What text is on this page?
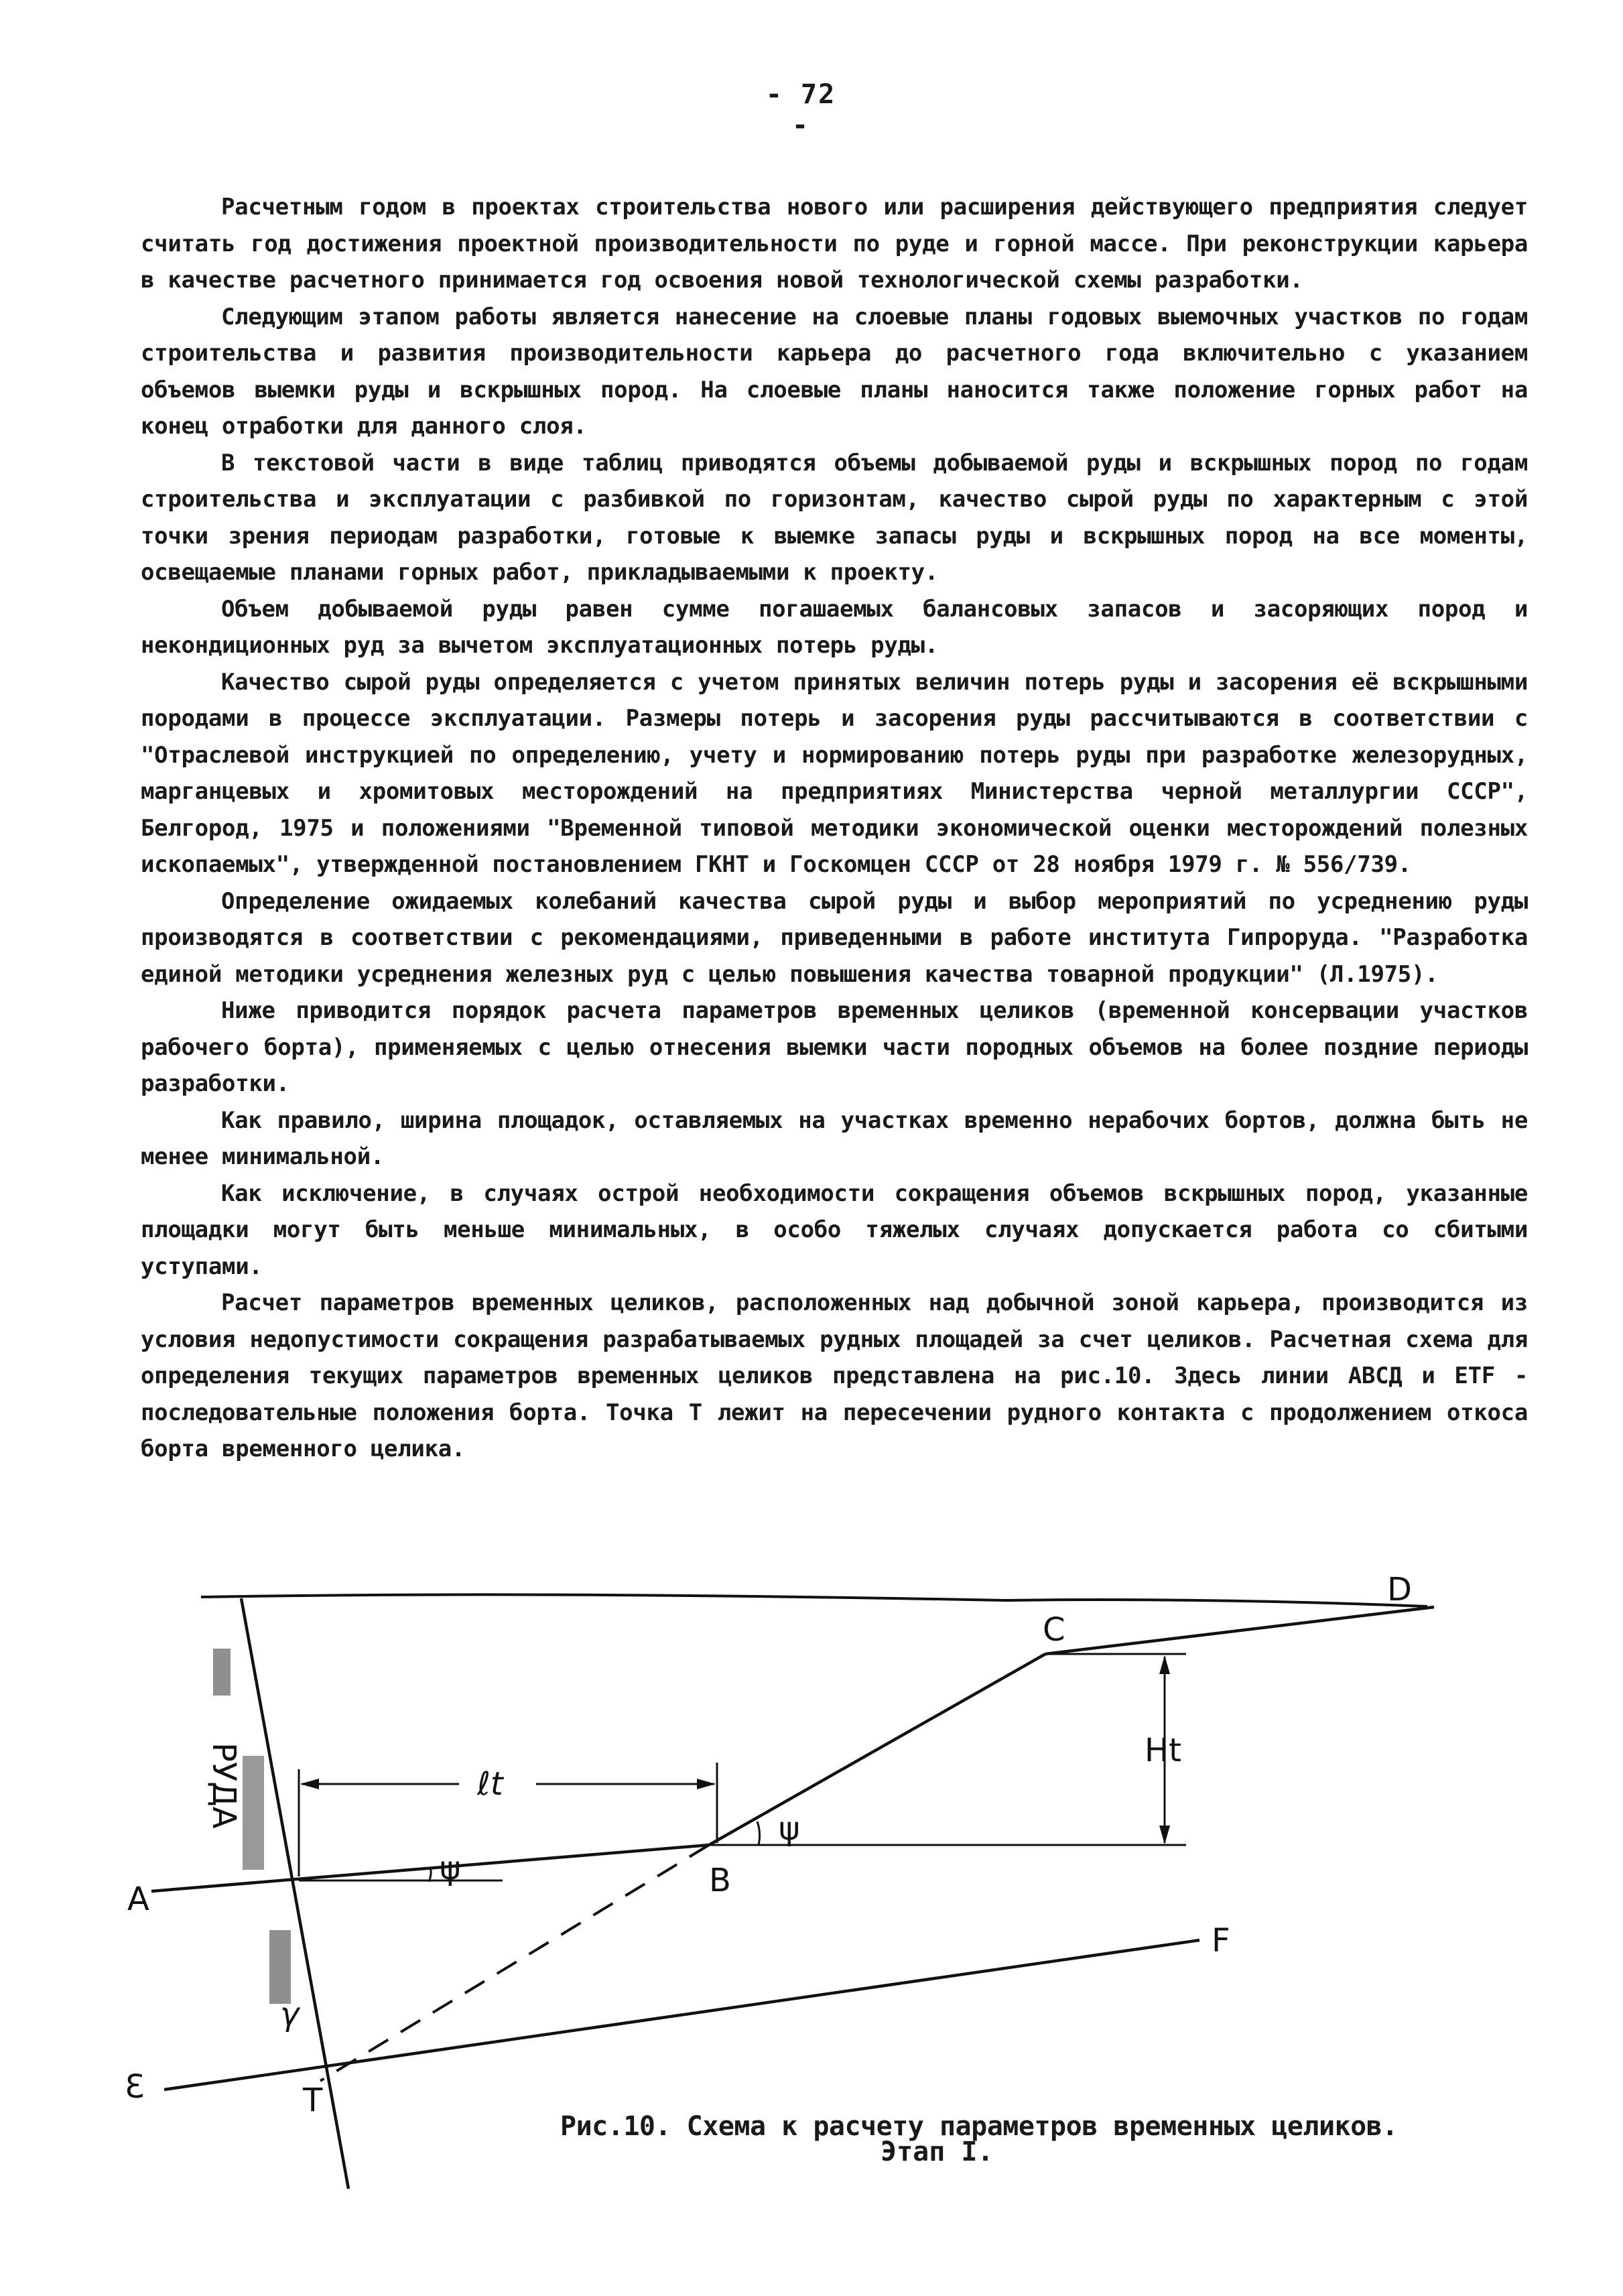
- 72 -

Расчетным годом в проектах строительства нового или расширения действующего предприятия следует считать год достижения проектной производительности по руде и горной массе. При реконструкции карьера в качестве расчетного принимается год освоения новой технологической схемы разработки.

Следующим этапом работы является нанесение на слоевые планы годовых выемочных участков по годам строительства и развития производительности карьера до расчетного года включительно с указанием объемов выемки руды и вскрышных пород. На слоевые планы наносится также положение горных работ на конец отработки для данного слоя.

В текстовой части в виде таблиц приводятся объемы добываемой руды и вскрышных пород по годам строительства и эксплуатации с разбивкой по горизонтам, качество сырой руды по характерным с этой точки зрения периодам разработки, готовые к выемке запасы руды и вскрышных пород на все моменты, освещаемые планами горных работ, прикладываемыми к проекту.

Объем добываемой руды равен сумме погашаемых балансовых запасов и засоряющих пород и некондиционных руд за вычетом эксплуатационных потерь руды.

Качество сырой руды определяется с учетом принятых величин потерь руды и засорения её вскрышными породами в процессе эксплуатации. Размеры потерь и засорения руды рассчитываются в соответствии с "Отраслевой инструкцией по определению, учету и нормированию потерь руды при разработке железорудных, марганцевых и хромитовых месторождений на предприятиях Министерства черной металлургии СССР", Белгород, 1975 и положениями "Временной типовой методики экономической оценки месторождений полезных ископаемых", утвержденной постановлением ГКНТ и Госкомцен СССР от 28 ноября 1979 г. № 556/739.

Определение ожидаемых колебаний качества сырой руды и выбор мероприятий по усреднению руды производятся в соответствии с рекомендациями, приведенными в работе института Гипроруда. "Разработка единой методики усреднения железных руд с целью повышения качества товарной продукции" (Л.1975).

Ниже приводится порядок расчета параметров временных целиков (временной консервации участков рабочего борта), применяемых с целью отнесения выемки части породных объемов на более поздние периоды разработки.

Как правило, ширина площадок, оставляемых на участках временно нерабочих бортов, должна быть не менее минимальной.

Как исключение, в случаях острой необходимости сокращения объемов вскрышных пород, указанные площадки могут быть меньше минимальных, в особо тяжелых случаях допускается работа со сбитыми уступами.

Расчет параметров временных целиков, расположенных над добычной зоной карьера, производится из условия недопустимости сокращения разрабатываемых рудных площадей за счет целиков. Расчетная схема для определения текущих параметров временных целиков представлена на рис.10. Здесь линии АВСД и ЕТF - последовательные положения борта. Точка Т лежит на пересечении рудного контакта с продолжением откоса борта временного целика.

A	B
C
D
Ɛ	T
Ϝ
ℓt
Ht
ψ
ψ
γ
РУДА
Рис.10. Схема к расчету параметров временных целиков.
Этап I.
